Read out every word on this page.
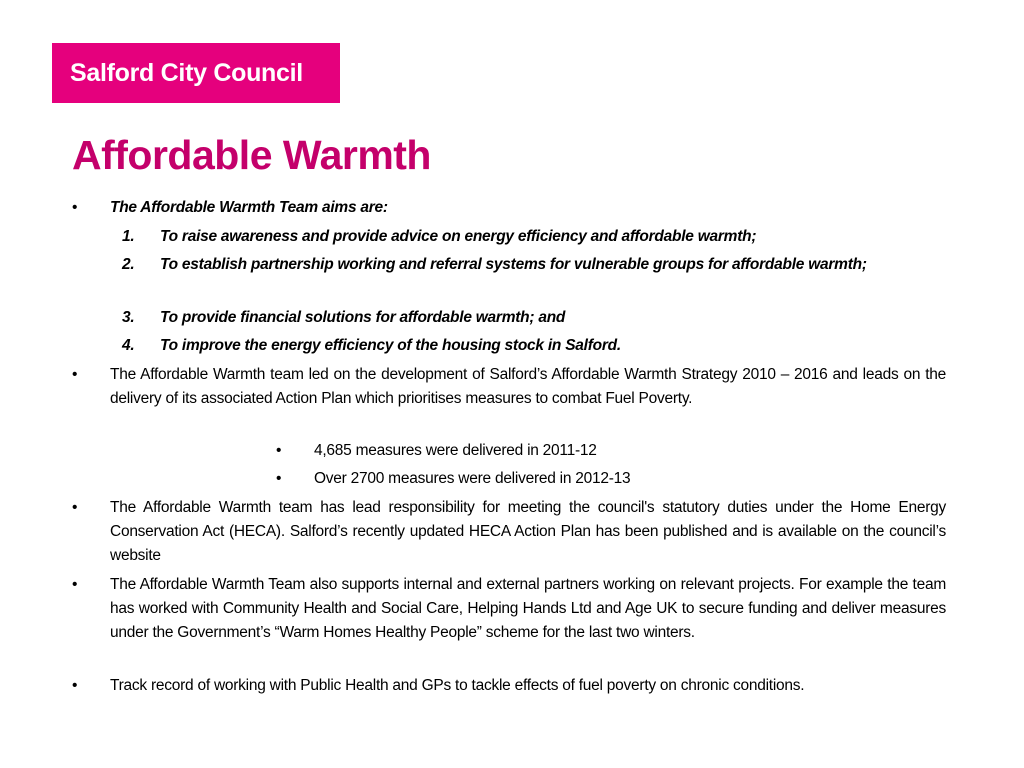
Salford City Council
Affordable Warmth
• The Affordable Warmth Team aims are:
1. To raise awareness and provide advice on energy efficiency and affordable warmth;
2. To establish partnership working and referral systems for vulnerable groups for affordable warmth;
3. To provide financial solutions for affordable warmth; and
4. To improve the energy efficiency of the housing stock in Salford.
• The Affordable Warmth team led on the development of Salford’s Affordable Warmth Strategy 2010 – 2016 and leads on the delivery of its associated Action Plan which prioritises measures to combat Fuel Poverty.
• 4,685 measures were delivered in 2011-12
• Over 2700 measures were delivered in 2012-13
• The Affordable Warmth team has lead responsibility for meeting the council's statutory duties under the Home Energy Conservation Act (HECA). Salford’s recently updated HECA Action Plan has been published and is available on the council’s website
• The Affordable Warmth Team also supports internal and external partners working on relevant projects. For example the team has worked with Community Health and Social Care, Helping Hands Ltd and Age UK to secure funding and deliver measures under the Government’s “Warm Homes Healthy People” scheme for the last two winters.
• Track record of working with Public Health and GPs to tackle effects of fuel poverty on chronic conditions.
